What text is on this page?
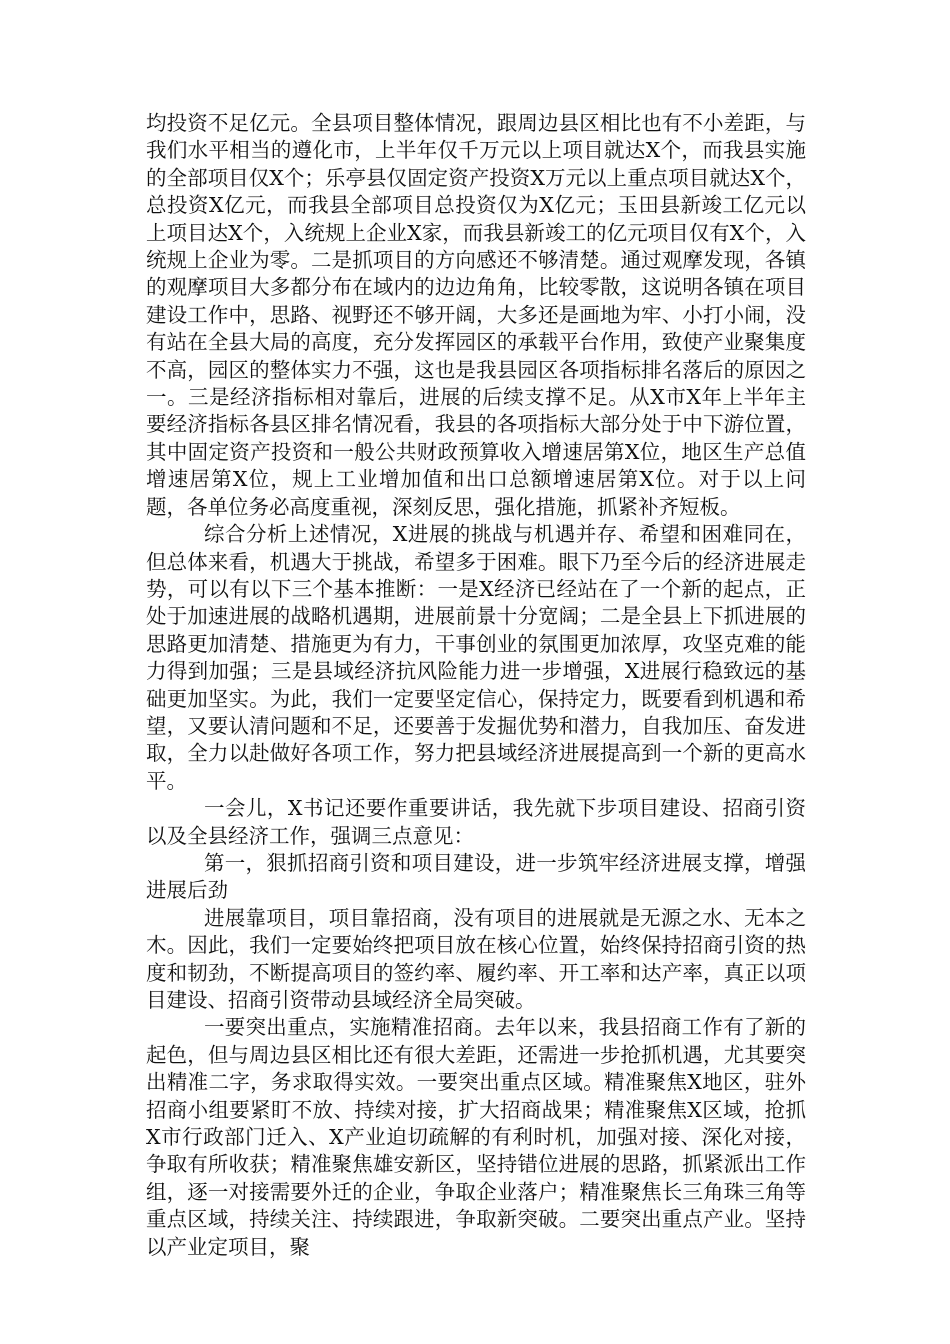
均投资不足亿元。全县项目整体情况，跟周边县区相比也有不小差距，与我们水平相当的遵化市，上半年仅千万元以上项目就达X个，而我县实施的全部项目仅X个；乐亭县仅固定资产投资X万元以上重点项目就达X个，总投资X亿元，而我县全部项目总投资仅为X亿元；玉田县新竣工亿元以上项目达X个，入统规上企业X家，而我县新竣工的亿元项目仅有X个，入统规上企业为零。二是抓项目的方向感还不够清楚。通过观摩发现，各镇的观摩项目大多都分布在域内的边边角角，比较零散，这说明各镇在项目建设工作中，思路、视野还不够开阔，大多还是画地为牢、小打小闹，没有站在全县大局的高度，充分发挥园区的承载平台作用，致使产业聚集度不高，园区的整体实力不强，这也是我县园区各项指标排名落后的原因之一。三是经济指标相对靠后，进展的后续支撑不足。从X市X年上半年主要经济指标各县区排名情况看，我县的各项指标大部分处于中下游位置，其中固定资产投资和一般公共财政预算收入增速居第X位，地区生产总值增速居第X位，规上工业增加值和出口总额增速居第X位。对于以上问题，各单位务必高度重视，深刻反思，强化措施，抓紧补齐短板。

综合分析上述情况，X进展的挑战与机遇并存、希望和困难同在，但总体来看，机遇大于挑战，希望多于困难。眼下乃至今后的经济进展走势，可以有以下三个基本推断：一是X经济已经站在了一个新的起点，正处于加速进展的战略机遇期，进展前景十分宽阔；二是全县上下抓进展的思路更加清楚、措施更为有力，干事创业的氛围更加浓厚，攻坚克难的能力得到加强；三是县域经济抗风险能力进一步增强，X进展行稳致远的基础更加坚实。为此，我们一定要坚定信心，保持定力，既要看到机遇和希望，又要认清问题和不足，还要善于发掘优势和潜力，自我加压、奋发进取，全力以赴做好各项工作，努力把县域经济进展提高到一个新的更高水平。

一会儿，X书记还要作重要讲话，我先就下步项目建设、招商引资以及全县经济工作，强调三点意见：

第一，狠抓招商引资和项目建设，进一步筑牢经济进展支撑，增强进展后劲

进展靠项目，项目靠招商，没有项目的进展就是无源之水、无本之木。因此，我们一定要始终把项目放在核心位置，始终保持招商引资的热度和韧劲，不断提高项目的签约率、履约率、开工率和达产率，真正以项目建设、招商引资带动县域经济全局突破。

一要突出重点，实施精准招商。去年以来，我县招商工作有了新的起色，但与周边县区相比还有很大差距，还需进一步抢抓机遇，尤其要突出精准二字，务求取得实效。一要突出重点区域。精准聚焦X地区，驻外招商小组要紧盯不放、持续对接，扩大招商战果；精准聚焦X区域，抢抓X市行政部门迁入、X产业迫切疏解的有利时机，加强对接、深化对接，争取有所收获；精准聚焦雄安新区，坚持错位进展的思路，抓紧派出工作组，逐一对接需要外迁的企业，争取企业落户；精准聚焦长三角珠三角等重点区域，持续关注、持续跟进，争取新突破。二要突出重点产业。坚持以产业定项目，聚
